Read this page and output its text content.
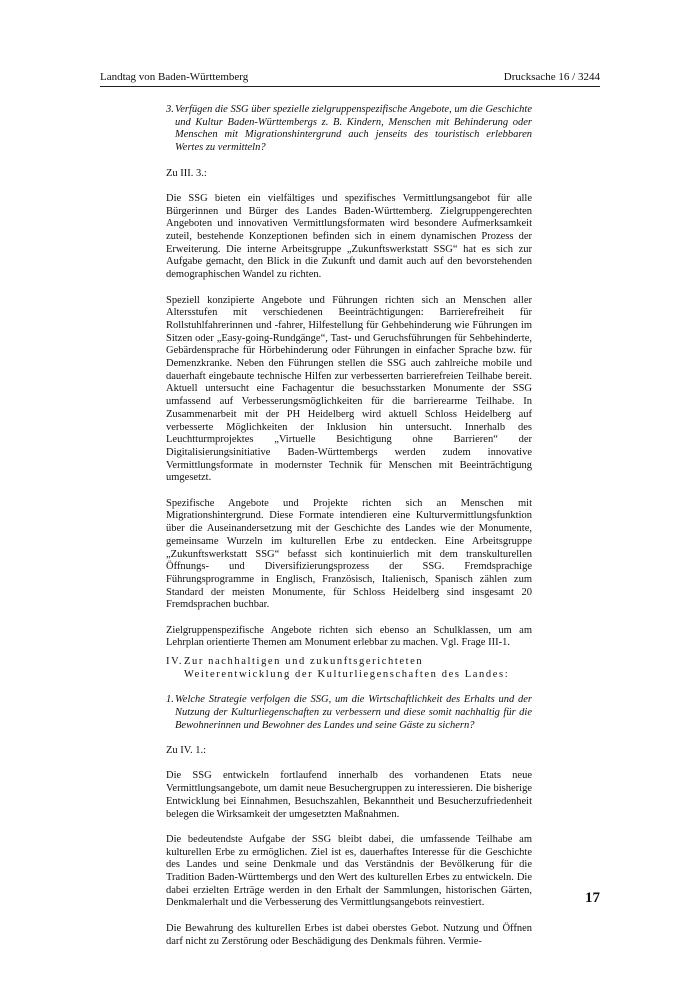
Landtag von Baden-Württemberg	Drucksache 16 / 3244

3. Verfügen die SSG über spezielle zielgruppenspezifische Angebote, um die Geschichte und Kultur Baden-Württembergs z. B. Kindern, Menschen mit Behinderung oder Menschen mit Migrationshintergrund auch jenseits des touristisch erlebbaren Wertes zu vermitteln?

Zu III. 3.:

Die SSG bieten ein vielfältiges und spezifisches Vermittlungsangebot für alle Bürgerinnen und Bürger des Landes Baden-Württemberg. Zielgruppengerechten Angeboten und innovativen Vermittlungsformaten wird besondere Aufmerksamkeit zuteil, bestehende Konzeptionen befinden sich in einem dynamischen Prozess der Erweiterung. Die interne Arbeitsgruppe „Zukunftswerkstatt SSG“ hat es sich zur Aufgabe gemacht, den Blick in die Zukunft und damit auch auf den bevorstehenden demographischen Wandel zu richten.

Speziell konzipierte Angebote und Führungen richten sich an Menschen aller Altersstufen mit verschiedenen Beeinträchtigungen: Barrierefreiheit für Rollstuhlfahrerinnen und -fahrer, Hilfestellung für Gehbehinderung wie Führungen im Sitzen oder „Easy-going-Rundgänge“, Tast- und Geruchsführungen für Sehbehinderte, Gebärdensprache für Hörbehinderung oder Führungen in einfacher Sprache bzw. für Demenzkranke. Neben den Führungen stellen die SSG auch zahlreiche mobile und dauerhaft eingebaute technische Hilfen zur verbesserten barrierefreien Teilhabe bereit. Aktuell untersucht eine Fachagentur die besuchsstarken Monumente der SSG umfassend auf Verbesserungsmöglichkeiten für die barrierearme Teilhabe. In Zusammenarbeit mit der PH Heidelberg wird aktuell Schloss Heidelberg auf verbesserte Möglichkeiten der Inklusion hin untersucht. Innerhalb des Leuchtturmprojektes „Virtuelle Besichtigung ohne Barrieren“ der Digitalisierungsinitiative Baden-Württembergs werden zudem innovative Vermittlungsformate in modernster Technik für Menschen mit Beeinträchtigung umgesetzt.

Spezifische Angebote und Projekte richten sich an Menschen mit Migrationshintergrund. Diese Formate intendieren eine Kulturvermittlungsfunktion über die Auseinandersetzung mit der Geschichte des Landes wie der Monumente, gemeinsame Wurzeln im kulturellen Erbe zu entdecken. Eine Arbeitsgruppe „Zukunftswerkstatt SSG“ befasst sich kontinuierlich mit dem transkulturellen Öffnungs- und Diversifizierungsprozess der SSG. Fremdsprachige Führungsprogramme in Englisch, Französisch, Italienisch, Spanisch zählen zum Standard der meisten Monumente, für Schloss Heidelberg sind insgesamt 20 Fremdsprachen buchbar.

Zielgruppenspezifische Angebote richten sich ebenso an Schulklassen, um am Lehrplan orientierte Themen am Monument erlebbar zu machen. Vgl. Frage III-1.

IV. Zur nachhaltigen und zukunftsgerichteten Weiterentwicklung der Kulturliegenschaften des Landes:

1. Welche Strategie verfolgen die SSG, um die Wirtschaftlichkeit des Erhalts und der Nutzung der Kulturliegenschaften zu verbessern und diese somit nachhaltig für die Bewohnerinnen und Bewohner des Landes und seine Gäste zu sichern?

Zu IV. 1.:

Die SSG entwickeln fortlaufend innerhalb des vorhandenen Etats neue Vermittlungsangebote, um damit neue Besuchergruppen zu interessieren. Die bisherige Entwicklung bei Einnahmen, Besuchszahlen, Bekanntheit und Besucherzufriedenheit belegen die Wirksamkeit der umgesetzten Maßnahmen.

Die bedeutendste Aufgabe der SSG bleibt dabei, die umfassende Teilhabe am kulturellen Erbe zu ermöglichen. Ziel ist es, dauerhaftes Interesse für die Geschichte des Landes und seine Denkmale und das Verständnis der Bevölkerung für die Tradition Baden-Württembergs und den Wert des kulturellen Erbes zu entwickeln. Die dabei erzielten Erträge werden in den Erhalt der Sammlungen, historischen Gärten, Denkmalerhalt und die Verbesserung des Vermittlungsangebots reinvestiert.

Die Bewahrung des kulturellen Erbes ist dabei oberstes Gebot. Nutzung und Öffnen darf nicht zu Zerstörung oder Beschädigung des Denkmals führen. Vermie-

17
